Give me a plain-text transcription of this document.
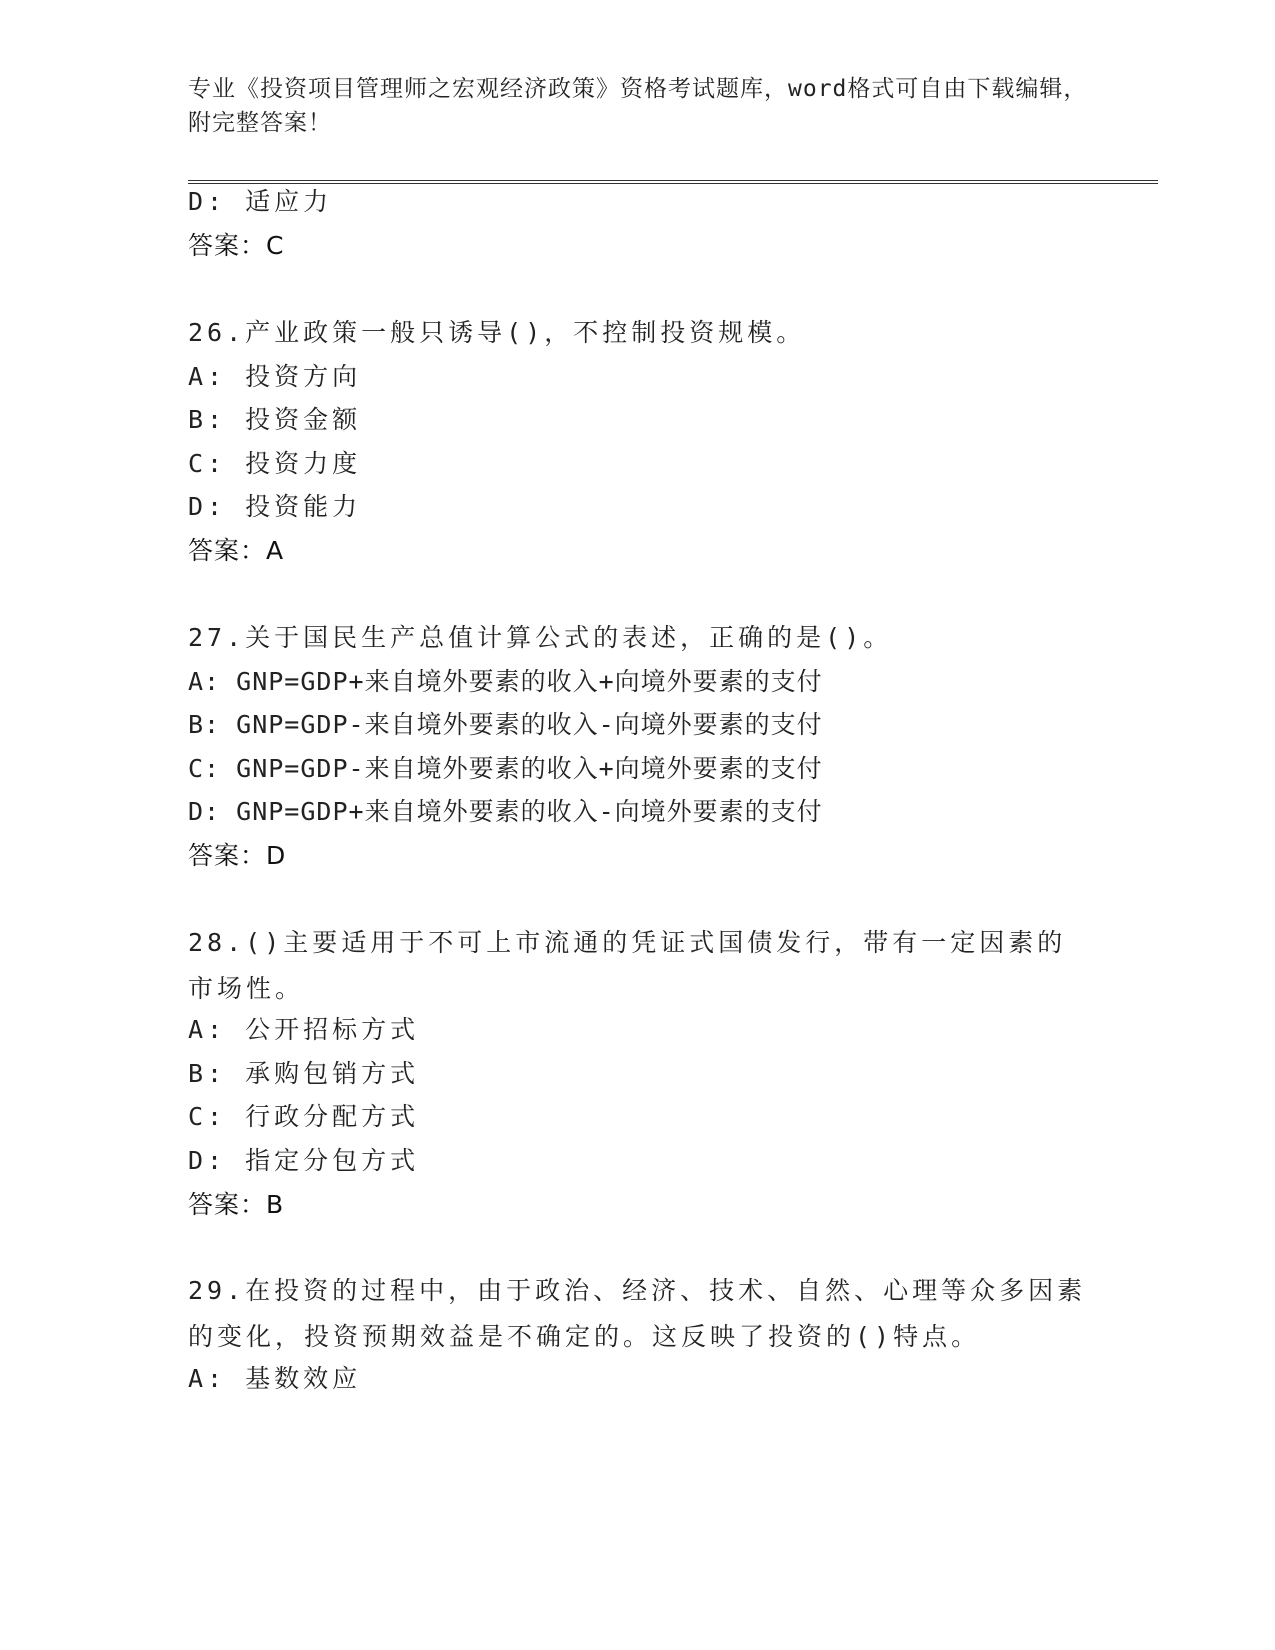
专业《投资项目管理师之宏观经济政策》资格考试题库，word格式可自由下载编辑，附完整答案！
D: 适应力
答案：C
26.产业政策一般只诱导()，不控制投资规模。
A: 投资方向
B: 投资金额
C: 投资力度
D: 投资能力
答案：A
27.关于国民生产总值计算公式的表述，正确的是()。
A: GNP=GDP+来自境外要素的收入+向境外要素的支付
B: GNP=GDP-来自境外要素的收入-向境外要素的支付
C: GNP=GDP-来自境外要素的收入+向境外要素的支付
D: GNP=GDP+来自境外要素的收入-向境外要素的支付
答案：D
28.()主要适用于不可上市流通的凭证式国债发行，带有一定因素的市场性。
A: 公开招标方式
B: 承购包销方式
C: 行政分配方式
D: 指定分包方式
答案：B
29.在投资的过程中，由于政治、经济、技术、自然、心理等众多因素的变化，投资预期效益是不确定的。这反映了投资的()特点。
A: 基数效应
